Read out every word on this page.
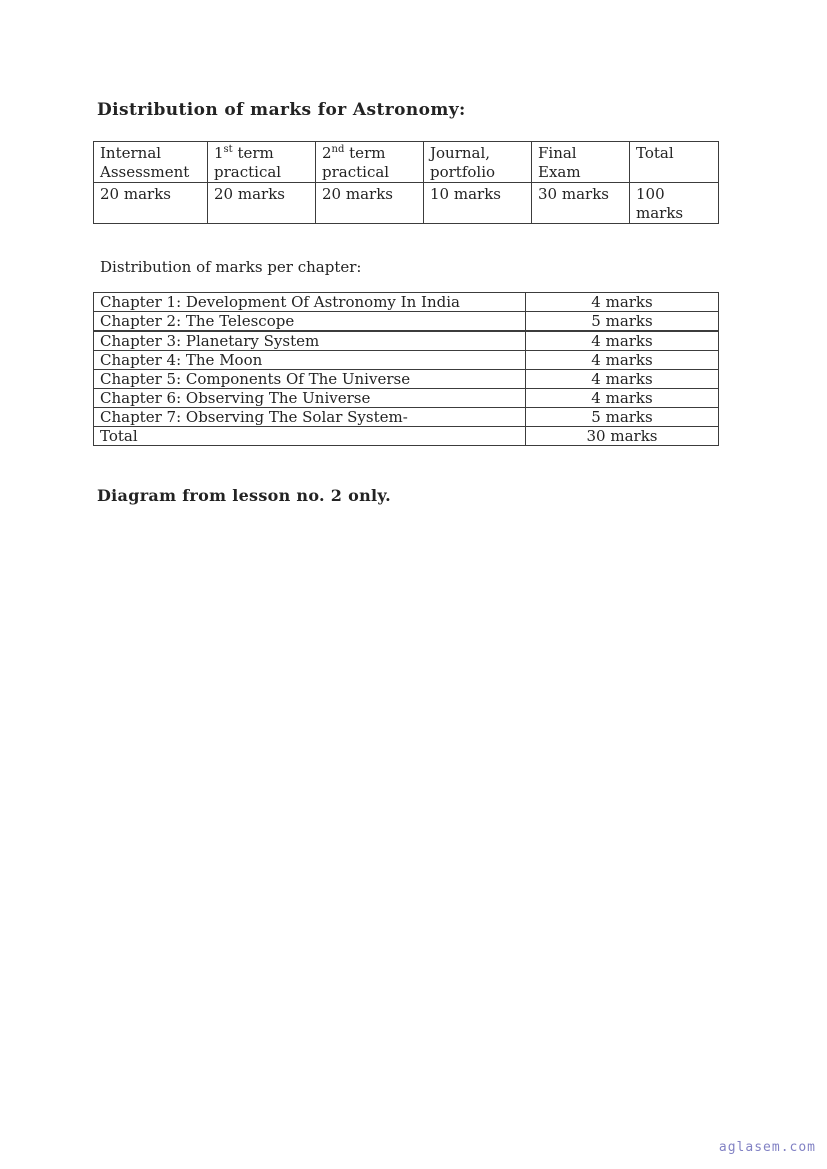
Distribution of marks for Astronomy:
Internal Assessment	1st term practical	2nd term practical	Journal, portfolio	Final Exam	Total
20 marks	20 marks	20 marks	10 marks	30 marks	100 marks
Distribution of marks per chapter:
Chapter 1: Development Of Astronomy In India	4 marks
Chapter 2: The Telescope	5 marks
Chapter 3: Planetary System	4 marks
Chapter 4: The Moon	4 marks
Chapter 5: Components Of The Universe	4 marks
Chapter 6: Observing The Universe	4 marks
Chapter 7: Observing The Solar System-	5 marks
Total	30 marks
Diagram from lesson no. 2 only.
aglasem.com
